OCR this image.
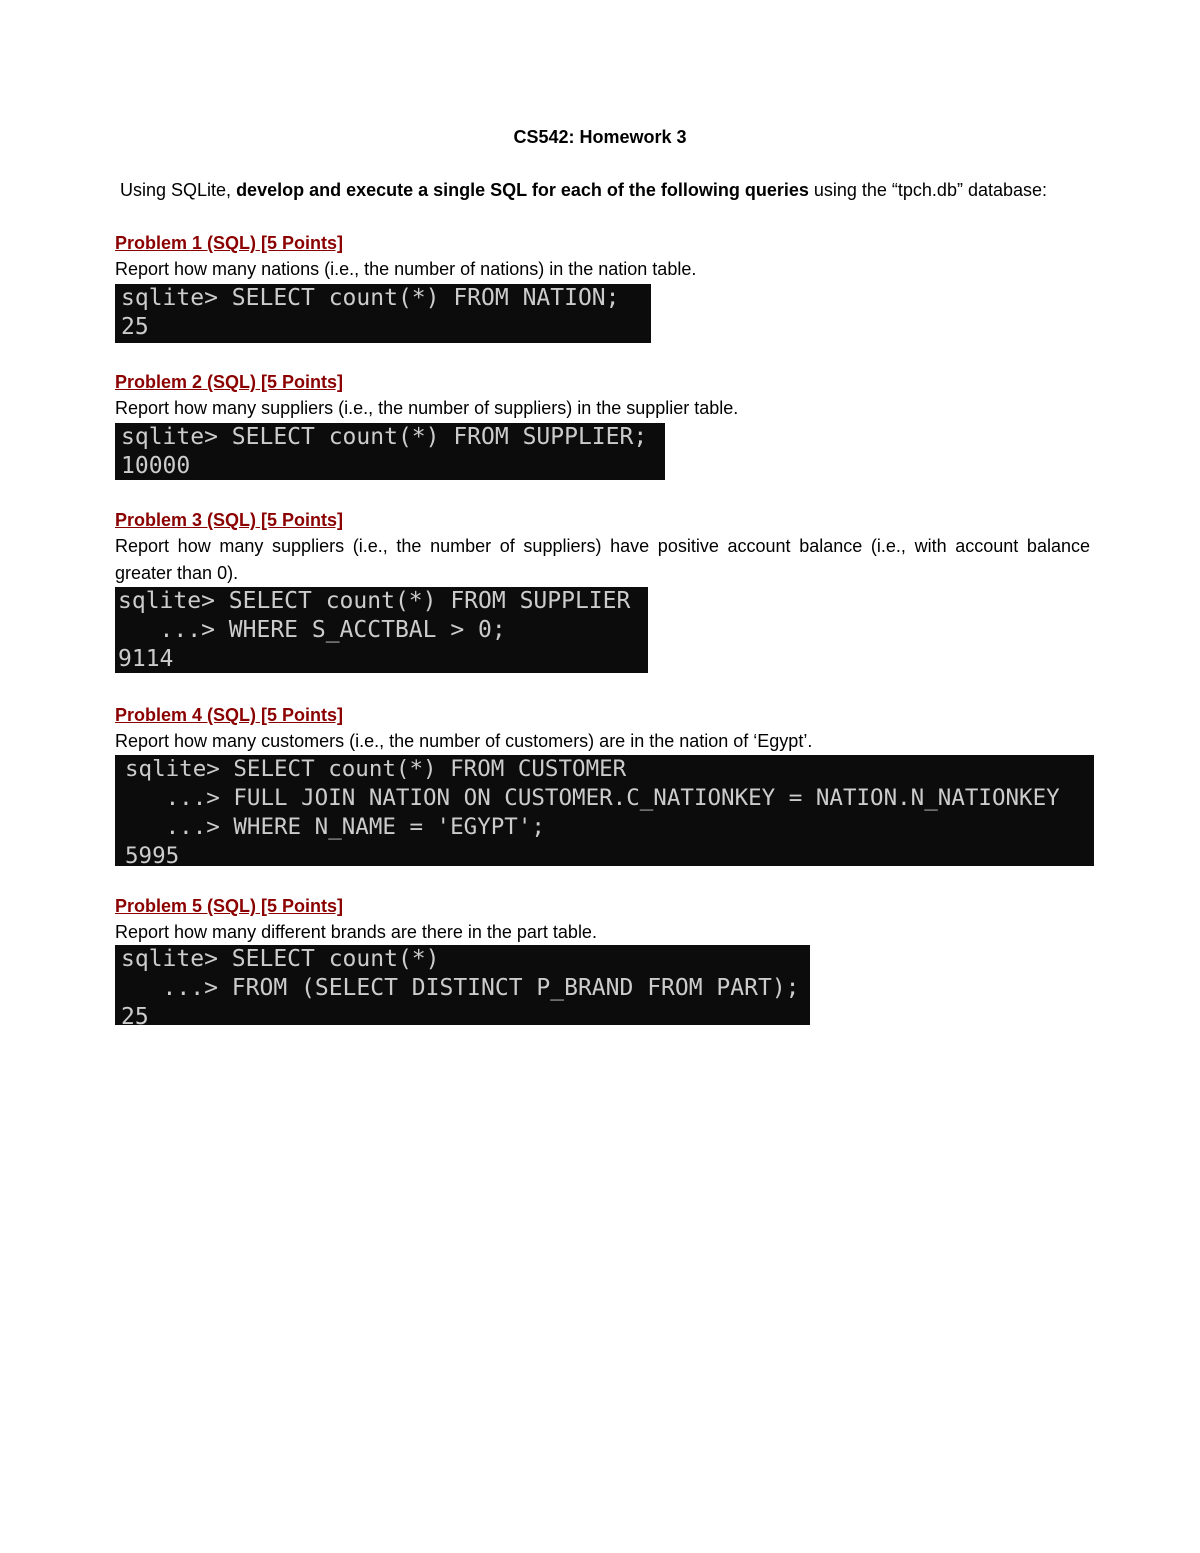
CS542: Homework 3
Using SQLite, develop and execute a single SQL for each of the following queries using the “tpch.db” database:
Problem 1 (SQL) [5 Points]
Report how many nations (i.e., the number of nations) in the nation table.
sqlite> SELECT count(*) FROM NATION;
25
Problem 2 (SQL) [5 Points]
Report how many suppliers (i.e., the number of suppliers) in the supplier table.
sqlite> SELECT count(*) FROM SUPPLIER;
10000
Problem 3 (SQL) [5 Points]
Report how many suppliers (i.e., the number of suppliers) have positive account balance (i.e., with account balance greater than 0).
sqlite> SELECT count(*) FROM SUPPLIER
...> WHERE S_ACCTBAL > 0;
9114
Problem 4 (SQL) [5 Points]
Report how many customers (i.e., the number of customers) are in the nation of ‘Egypt’.
sqlite> SELECT count(*) FROM CUSTOMER
...> FULL JOIN NATION ON CUSTOMER.C_NATIONKEY = NATION.N_NATIONKEY
...> WHERE N_NAME = 'EGYPT';
5995
Problem 5 (SQL) [5 Points]
Report how many different brands are there in the part table.
sqlite> SELECT count(*)
...> FROM (SELECT DISTINCT P_BRAND FROM PART);
25
